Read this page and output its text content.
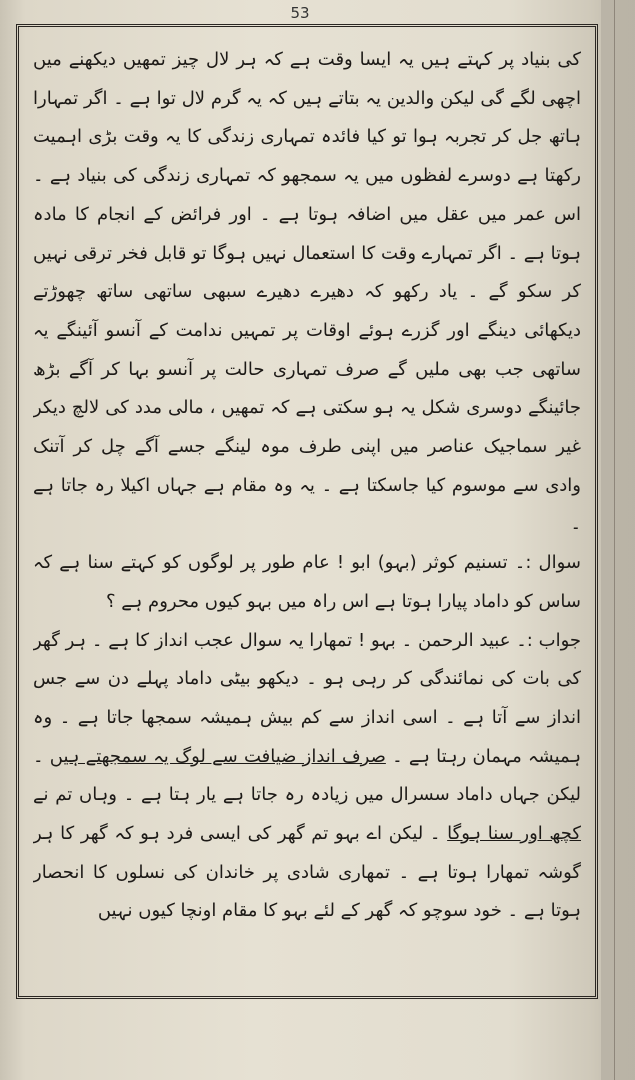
53

کی بنیاد پر کہتے ہیں یہ ایسا وقت ہے کہ ہر لال چیز تمھیں دیکھنے میں اچھی لگے گی لیکن والدین یہ بتاتے ہیں کہ یہ گرم لال توا ہے ۔ اگر تمہارا ہاتھ جل کر تجربہ ہوا تو کیا فائدہ تمہاری زندگی کا یہ وقت بڑی اہمیت رکھتا ہے دوسرے لفظوں میں یہ سمجھو کہ تمہاری زندگی کی بنیاد ہے ۔ اس عمر میں عقل میں اضافہ ہوتا ہے ۔ اور فرائض کے انجام کا مادہ ہوتا ہے ۔ اگر تمہارے وقت کا استعمال نہیں ہوگا تو قابل فخر ترقی نہیں کر سکو گے ۔ یاد رکھو کہ دھیرے دھیرے سبھی ساتھی ساتھ چھوڑتے دیکھائی دینگے اور گزرے ہوئے اوقات پر تمہیں ندامت کے آنسو آئینگے یہ ساتھی جب بھی ملیں گے صرف تمہاری حالت پر آنسو بہا کر آگے بڑھ جائینگے دوسری شکل یہ ہو سکتی ہے کہ تمھیں ، مالی مدد کی لالچ دیکر غیر سماجیک عناصر میں اپنی طرف موہ لینگے جسے آگے چل کر آتنک وادی سے موسوم کیا جاسکتا ہے ۔ یہ وہ مقام ہے جہاں اکیلا رہ جاتا ہے ۔

سوال :۔ تسنیم کوثر (بہو) ابو ! عام طور پر لوگوں کو کہتے سنا ہے کہ ساس کو داماد پیارا ہوتا ہے اس راہ میں بہو کیوں محروم ہے ؟

جواب :۔ عبید الرحمن ۔ بہو ! تمھارا یہ سوال عجب انداز کا ہے ۔ ہر گھر کی بات کی نمائندگی کر رہی ہو ۔ دیکھو بیٹی داماد پہلے دن سے جس انداز سے آتا ہے ۔ اسی انداز سے کم بیش ہمیشہ سمجھا جاتا ہے ۔ وہ ہمیشہ مہمان رہتا ہے ۔ صرف انداز ضیافت سے لوگ یہ سمجھتے ہیں ۔ لیکن جہاں داماد سسرال میں زیادہ رہ جاتا ہے یار ہتا ہے ۔ وہاں تم نے کچھ اور سنا ہوگا ۔ لیکن اے بہو تم گھر کی ایسی فرد ہو کہ گھر کا ہر گوشہ تمھارا ہوتا ہے ۔ تمھاری شادی پر خاندان کی نسلوں کا انحصار ہوتا ہے ۔ خود سوچو کہ گھر کے لئے بہو کا مقام اونچا کیوں نہیں
